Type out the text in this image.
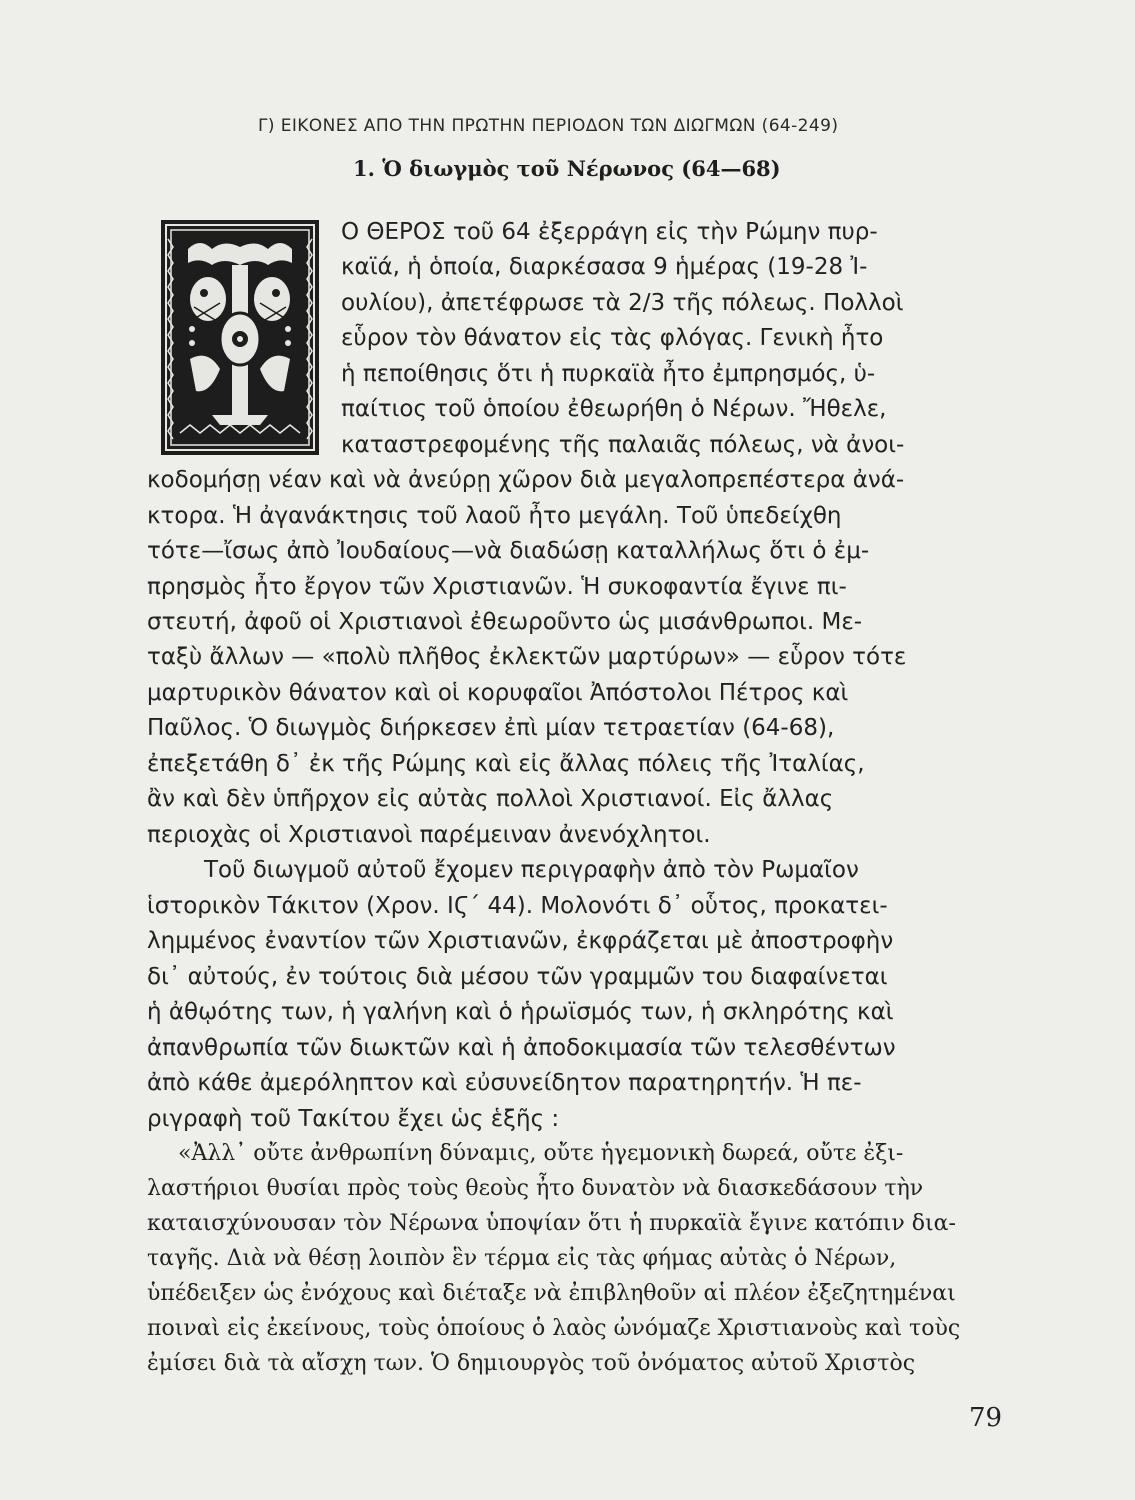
Γ) ΕΙΚΟΝΕΣ ΑΠΟ ΤΗΝ ΠΡΩΤΗΝ ΠΕΡΙΟΔΟΝ ΤΩΝ ΔΙΩΓΜΩΝ (64-249)
1. Ὁ διωγμὸς τοῦ Νέρωνος (64—68)
Ο ΘΕΡΟΣ τοῦ 64 ἐξερράγη εἰς τὴν Ρώμην πυρ-
καϊά, ἡ ὁποία, διαρκέσασα 9 ἡμέρας (19-28 Ἰ-
ουλίου), ἀπετέφρωσε τὰ 2/3 τῆς πόλεως. Πολλοὶ
εὗρον τὸν θάνατον εἰς τὰς φλόγας. Γενικὴ ἦτο
ἡ πεποίθησις ὅτι ἡ πυρκαϊὰ ἦτο ἐμπρησμός, ὑ-
παίτιος τοῦ ὁποίου ἐθεωρήθη ὁ Νέρων. Ἤθελε,
καταστρεφομένης τῆς παλαιᾶς πόλεως, νὰ ἀνοι-
κοδομήσῃ νέαν καὶ νὰ ἀνεύρῃ χῶρον διὰ μεγαλοπρεπέστερα ἀνά-
κτορα. Ἡ ἀγανάκτησις τοῦ λαοῦ ἦτο μεγάλη. Τοῦ ὑπεδείχθη
τότε—ἴσως ἀπὸ Ἰουδαίους—νὰ διαδώσῃ καταλλήλως ὅτι ὁ ἐμ-
πρησμὸς ἦτο ἔργον τῶν Χριστιανῶν. Ἡ συκοφαντία ἔγινε πι-
στευτή, ἀφοῦ οἱ Χριστιανοὶ ἐθεωροῦντο ὡς μισάνθρωποι. Με-
ταξὺ ἄλλων — «πολὺ πλῆθος ἐκλεκτῶν μαρτύρων» — εὗρον τότε
μαρτυρικὸν θάνατον καὶ οἱ κορυφαῖοι Ἀπόστολοι Πέτρος καὶ
Παῦλος. Ὁ διωγμὸς διήρκεσεν ἐπὶ μίαν τετραετίαν (64-68),
ἐπεξετάθη δ᾽ ἐκ τῆς Ρώμης καὶ εἰς ἄλλας πόλεις τῆς Ἰταλίας,
ἂν καὶ δὲν ὑπῆρχον εἰς αὐτὰς πολλοὶ Χριστιανοί. Εἰς ἄλλας
περιοχὰς οἱ Χριστιανοὶ παρέμειναν ἀνενόχλητοι.
Τοῦ διωγμοῦ αὐτοῦ ἔχομεν περιγραφὴν ἀπὸ τὸν Ρωμαῖον
ἱστορικὸν Τάκιτον (Χρον. ΙϚ΄ 44). Μολονότι δ᾽ οὗτος, προκατει-
λημμένος ἐναντίον τῶν Χριστιανῶν, ἐκφράζεται μὲ ἀποστροφὴν
δι᾽ αὐτούς, ἐν τούτοις διὰ μέσου τῶν γραμμῶν του διαφαίνεται
ἡ ἀθῳότης των, ἡ γαλήνη καὶ ὁ ἡρωϊσμός των, ἡ σκληρότης καὶ
ἀπανθρωπία τῶν διωκτῶν καὶ ἡ ἀποδοκιμασία τῶν τελεσθέντων
ἀπὸ κάθε ἀμερόληπτον καὶ εὐσυνείδητον παρατηρητήν. Ἡ πε-
ριγραφὴ τοῦ Τακίτου ἔχει ὡς ἑξῆς :
«Ἀλλ᾽ οὔτε ἀνθρωπίνη δύναμις, οὔτε ἡγεμονικὴ δωρεά, οὔτε ἐξι-
λαστήριοι θυσίαι πρὸς τοὺς θεοὺς ἦτο δυνατὸν νὰ διασκεδάσουν τὴν
καταισχύνουσαν τὸν Νέρωνα ὑποψίαν ὅτι ἡ πυρκαϊὰ ἔγινε κατόπιν δια-
ταγῆς. Διὰ νὰ θέσῃ λοιπὸν ἓν τέρμα εἰς τὰς φήμας αὐτὰς ὁ Νέρων,
ὑπέδειξεν ὡς ἐνόχους καὶ διέταξε νὰ ἐπιβληθοῦν αἱ πλέον ἐξεζητημέναι
ποιναὶ εἰς ἐκείνους, τοὺς ὁποίους ὁ λαὸς ὠνόμαζε Χριστιανοὺς καὶ τοὺς
ἐμίσει διὰ τὰ αἴσχη των. Ὁ δημιουργὸς τοῦ ὀνόματος αὐτοῦ Χριστὸς
79
